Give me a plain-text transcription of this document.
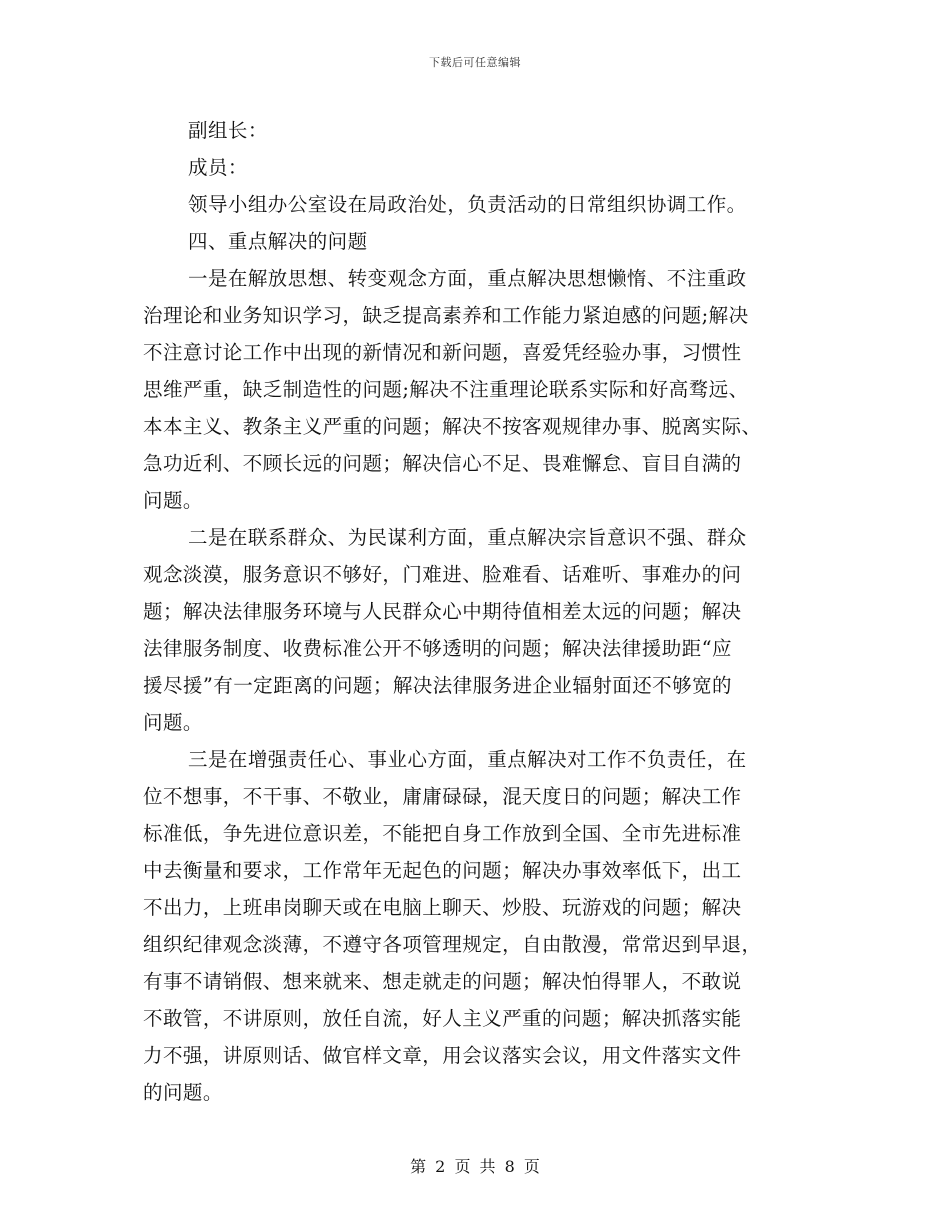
下载后可任意编辑
副组长：
成员：
领导小组办公室设在局政治处，负责活动的日常组织协调工作。
四、重点解决的问题
一是在解放思想、转变观念方面，重点解决思想懒惰、不注重政
治理论和业务知识学习，缺乏提高素养和工作能力紧迫感的问题;解决
不注意讨论工作中出现的新情况和新问题，喜爱凭经验办事，习惯性
思维严重，缺乏制造性的问题;解决不注重理论联系实际和好高骛远、
本本主义、教条主义严重的问题；解决不按客观规律办事、脱离实际、
急功近利、不顾长远的问题；解决信心不足、畏难懈怠、盲目自满的
问题。
二是在联系群众、为民谋利方面，重点解决宗旨意识不强、群众
观念淡漠，服务意识不够好，门难进、脸难看、话难听、事难办的问
题；解决法律服务环境与人民群众心中期待值相差太远的问题；解决
法律服务制度、收费标准公开不够透明的问题；解决法律援助距“应
援尽援”有一定距离的问题；解决法律服务进企业辐射面还不够宽的
问题。
三是在增强责任心、事业心方面，重点解决对工作不负责任，在
位不想事，不干事、不敬业，庸庸碌碌，混天度日的问题；解决工作
标准低，争先进位意识差，不能把自身工作放到全国、全市先进标准
中去衡量和要求，工作常年无起色的问题；解决办事效率低下，出工
不出力，上班串岗聊天或在电脑上聊天、炒股、玩游戏的问题；解决
组织纪律观念淡薄，不遵守各项管理规定，自由散漫，常常迟到早退，
有事不请销假、想来就来、想走就走的问题；解决怕得罪人，不敢说
不敢管，不讲原则，放任自流，好人主义严重的问题；解决抓落实能
力不强，讲原则话、做官样文章，用会议落实会议，用文件落实文件
的问题。
第 2 页 共 8 页
